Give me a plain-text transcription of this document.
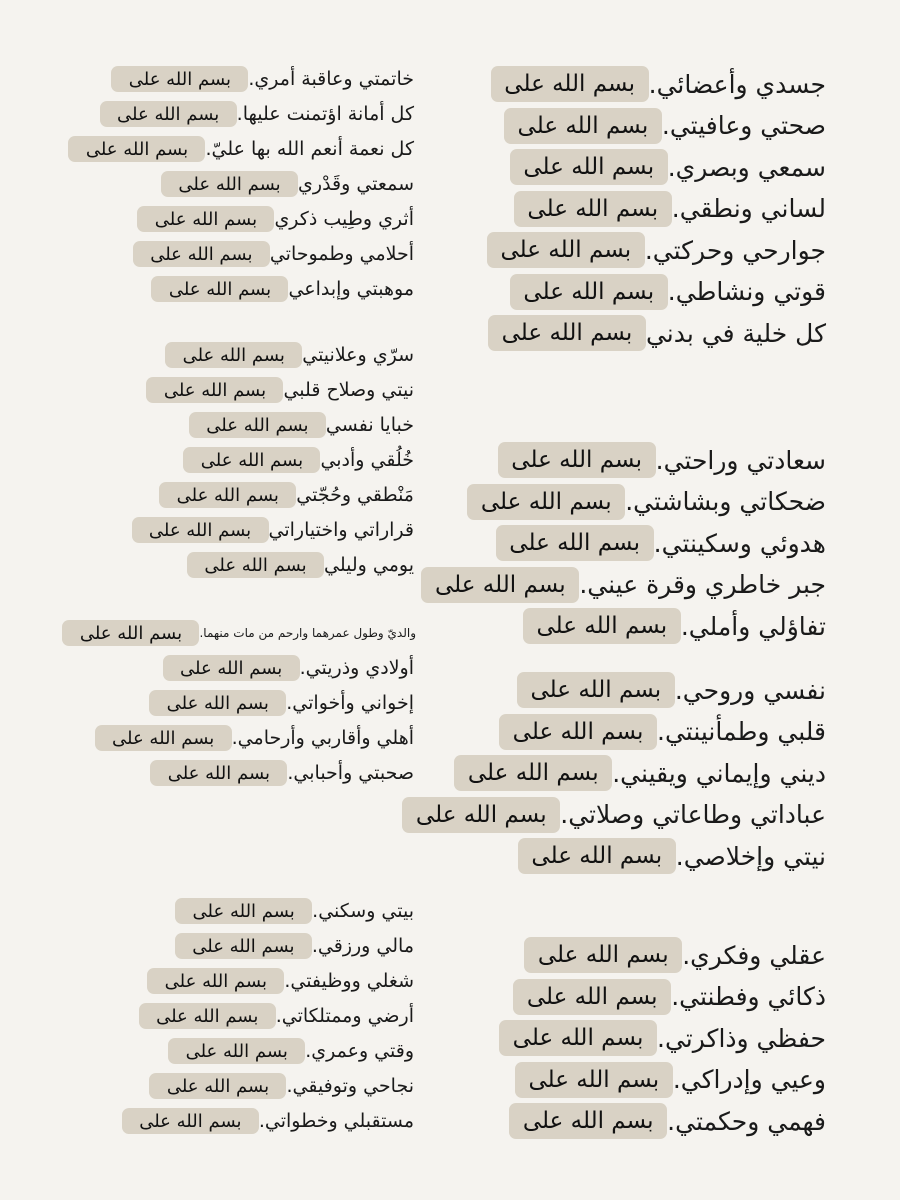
بسم الله على جسدي وأعضائي.
بسم الله على صحتي وعافيتي.
بسم الله على سمعي وبصري.
بسم الله على لساني ونطقي.
بسم الله على جوارحي وحركتي.
بسم الله على قوتي ونشاطي.
بسم الله على كل خلية في بدني
بسم الله على سعادتي وراحتي.
بسم الله على ضحكاتي وبشاشتي.
بسم الله على هدوئي وسكينتي.
بسم الله على جبر خاطري وقرة عيني.
بسم الله على تفاؤلي وأملي.
بسم الله على نفسي وروحي.
بسم الله على قلبي وطمأنينتي.
بسم الله على ديني وإيماني ويقيني.
بسم الله على عباداتي وطاعاتي وصلاتي.
بسم الله على نيتي وإخلاصي.
بسم الله على عقلي وفكري.
بسم الله على ذكائي وفطنتي.
بسم الله على حفظي وذاكرتي.
بسم الله على وعيي وإدراكي.
بسم الله على فهمي وحكمتي.
بسم الله على خاتمتي وعاقبة أمري.
بسم الله على كل أمانة اؤتمنت عليها.
بسم الله على كل نعمة أنعم الله بها عليّ.
بسم الله على سمعتي وقَدْري
بسم الله على أثري وطِيب ذكري
بسم الله على أحلامي وطموحاتي
بسم الله على موهبتي وإبداعي
بسم الله على سرّي وعلانيتي
بسم الله على نيتي وصلاح قلبي
بسم الله على خبايا نفسي
بسم الله على خُلُقي وأدبي
بسم الله على مَنْطقي وحُجّتي
بسم الله على قراراتي واختياراتي
بسم الله على يومي وليلي
بسم الله على	والديّ وطول عمرهما وارحم من مات منهما.
بسم الله على أولادي وذريتي.
بسم الله على إخواني وأخواتي.
بسم الله على أهلي وأقاربي وأرحامي.
بسم الله على صحبتي وأحبابي.
بسم الله على بيتي وسكني.
بسم الله على مالي ورزقي.
بسم الله على شغلي ووظيفتي.
بسم الله على أرضي وممتلكاتي.
بسم الله على وقتي وعمري.
بسم الله على نجاحي وتوفيقي.
بسم الله على مستقبلي وخطواتي.
